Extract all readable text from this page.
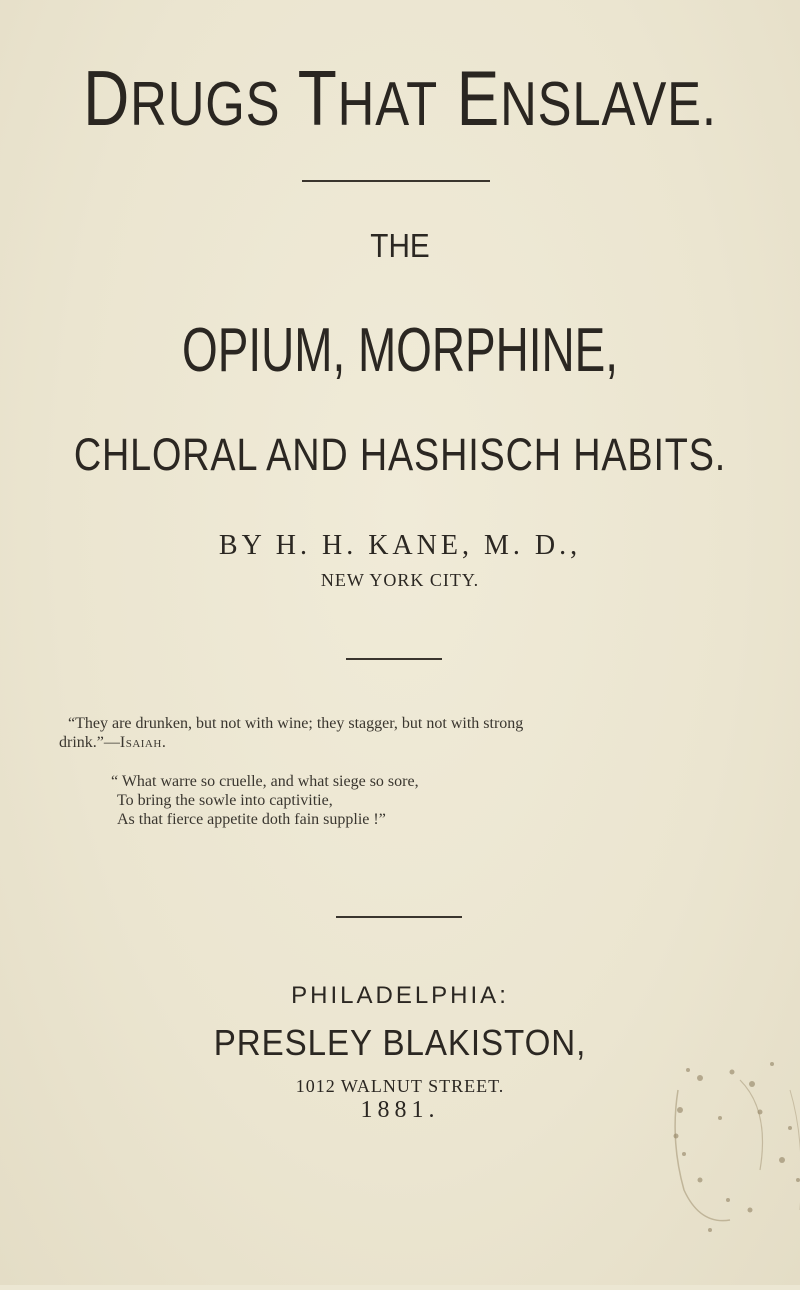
DRUGS THAT ENSLAVE.
THE
OPIUM, MORPHINE,
CHLORAL AND HASHISCH HABITS.
BY H. H. KANE, M. D.,
NEW YORK CITY.
“They are drunken, but not with wine; they stagger, but not with strong
drink.”—Isaiah.
“ What warre so cruelle, and what siege so sore,
To bring the sowle into captivitie,
As that fierce appetite doth fain supplie !”
PHILADELPHIA:
PRESLEY BLAKISTON,
1012 WALNUT STREET.
1881.
